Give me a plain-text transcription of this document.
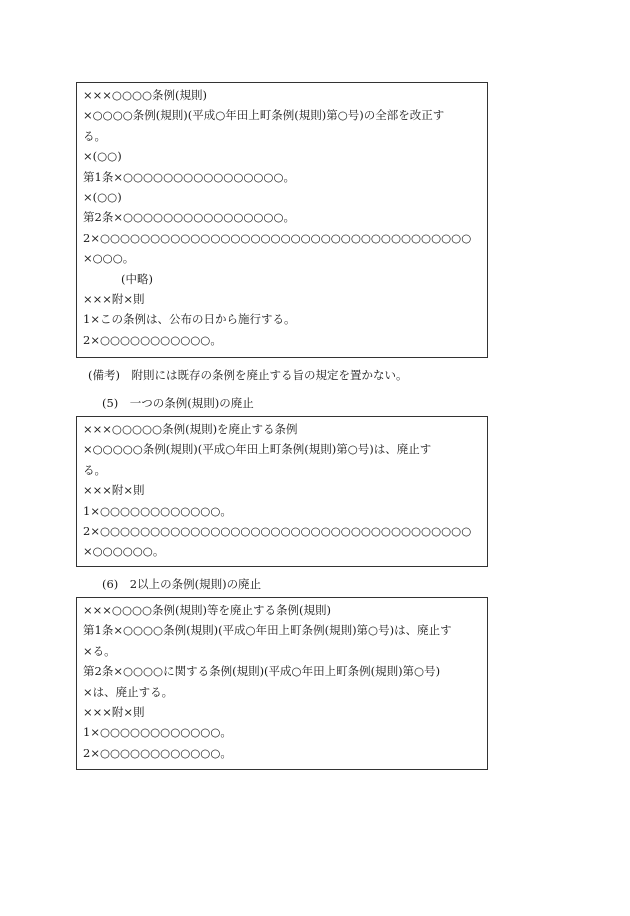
×××○○○○条例(規則)
×○○○○条例(規則)(平成○年田上町条例(規則)第○号)の全部を改正す
る。
×(○○)
第1条×○○○○○○○○○○○○○○○○。
×(○○)
第2条×○○○○○○○○○○○○○○○○。
2×○○○○○○○○○○○○○○○○○○○○○○○○○○○○○○○○○○○○○
×○○○。
(中略)
×××附×則
1×この条例は、公布の日から施行する。
2×○○○○○○○○○○○。
(備考)　附則には既存の条例を廃止する旨の規定を置かない。
(5)　一つの条例(規則)の廃止
×××○○○○○条例(規則)を廃止する条例
×○○○○○条例(規則)(平成○年田上町条例(規則)第○号)は、廃止す
る。
×××附×則
1×○○○○○○○○○○○○。
2×○○○○○○○○○○○○○○○○○○○○○○○○○○○○○○○○○○○○○
×○○○○○○。
(6)　2以上の条例(規則)の廃止
×××○○○○条例(規則)等を廃止する条例(規則)
第1条×○○○○条例(規則)(平成○年田上町条例(規則)第○号)は、廃止す
×る。
第2条×○○○○に関する条例(規則)(平成○年田上町条例(規則)第○号)
×は、廃止する。
×××附×則
1×○○○○○○○○○○○○。
2×○○○○○○○○○○○○。
